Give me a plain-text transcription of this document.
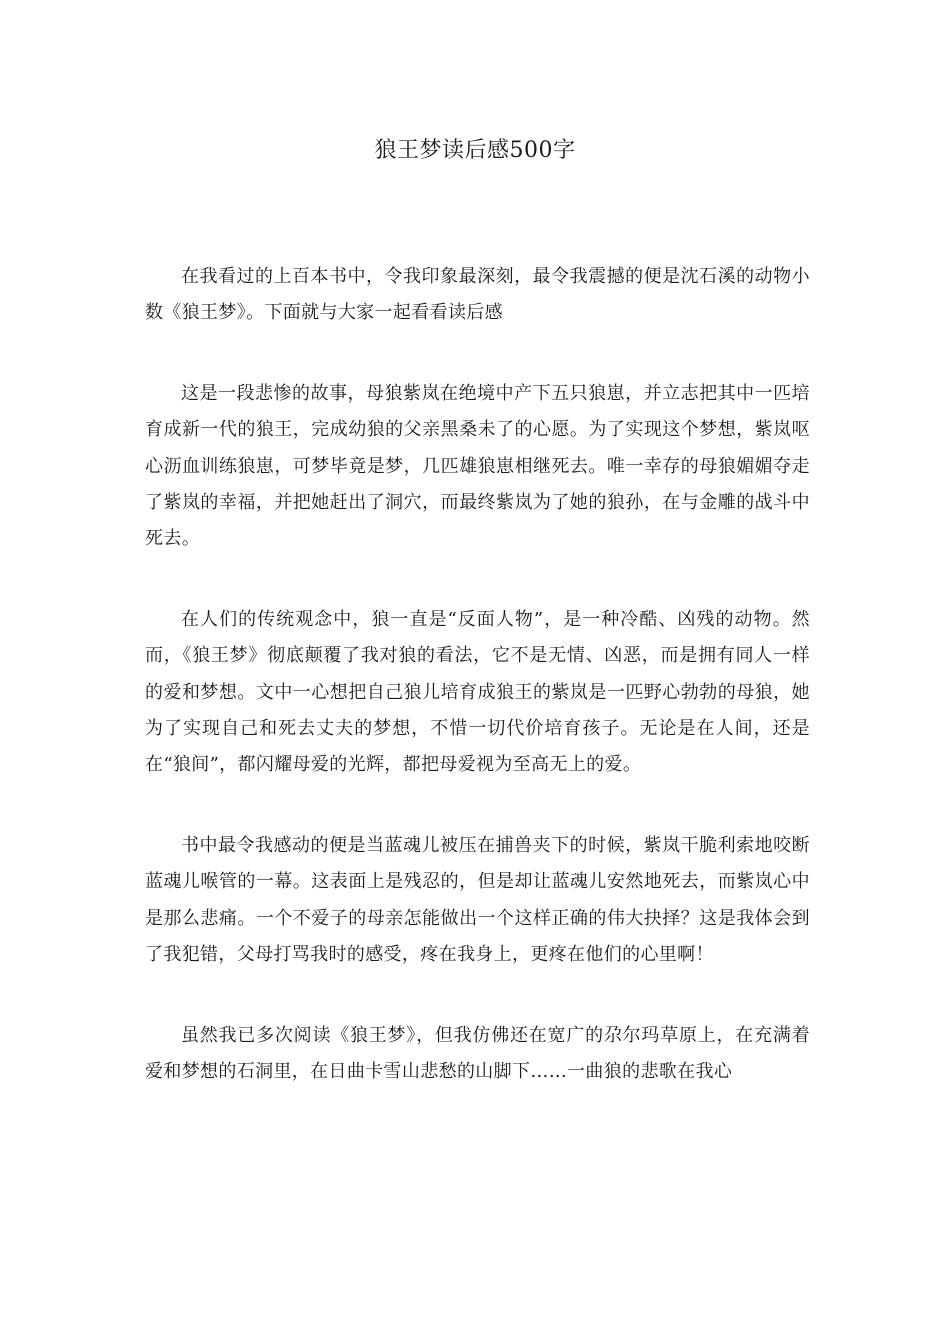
狼王梦读后感500字

在我看过的上百本书中，令我印象最深刻，最令我震撼的便是沈石溪的动物小数《狼王梦》。下面就与大家一起看看读后感

这是一段悲惨的故事，母狼紫岚在绝境中产下五只狼崽，并立志把其中一匹培育成新一代的狼王，完成幼狼的父亲黑桑未了的心愿。为了实现这个梦想，紫岚呕心沥血训练狼崽，可梦毕竟是梦，几匹雄狼崽相继死去。唯一幸存的母狼媚媚夺走了紫岚的幸福，并把她赶出了洞穴，而最终紫岚为了她的狼孙，在与金雕的战斗中死去。

在人们的传统观念中，狼一直是“反面人物”，是一种冷酷、凶残的动物。然而，《狼王梦》彻底颠覆了我对狼的看法，它不是无情、凶恶，而是拥有同人一样的爱和梦想。文中一心想把自己狼儿培育成狼王的紫岚是一匹野心勃勃的母狼，她为了实现自己和死去丈夫的梦想，不惜一切代价培育孩子。无论是在人间，还是在“狼间”，都闪耀母爱的光辉，都把母爱视为至高无上的爱。

书中最令我感动的便是当蓝魂儿被压在捕兽夹下的时候，紫岚干脆利索地咬断蓝魂儿喉管的一幕。这表面上是残忍的，但是却让蓝魂儿安然地死去，而紫岚心中是那么悲痛。一个不爱子的母亲怎能做出一个这样正确的伟大抉择？这是我体会到了我犯错，父母打骂我时的感受，疼在我身上，更疼在他们的心里啊！

虽然我已多次阅读《狼王梦》，但我仿佛还在宽广的尕尔玛草原上，在充满着爱和梦想的石洞里，在日曲卡雪山悲愁的山脚下……一曲狼的悲歌在我心
